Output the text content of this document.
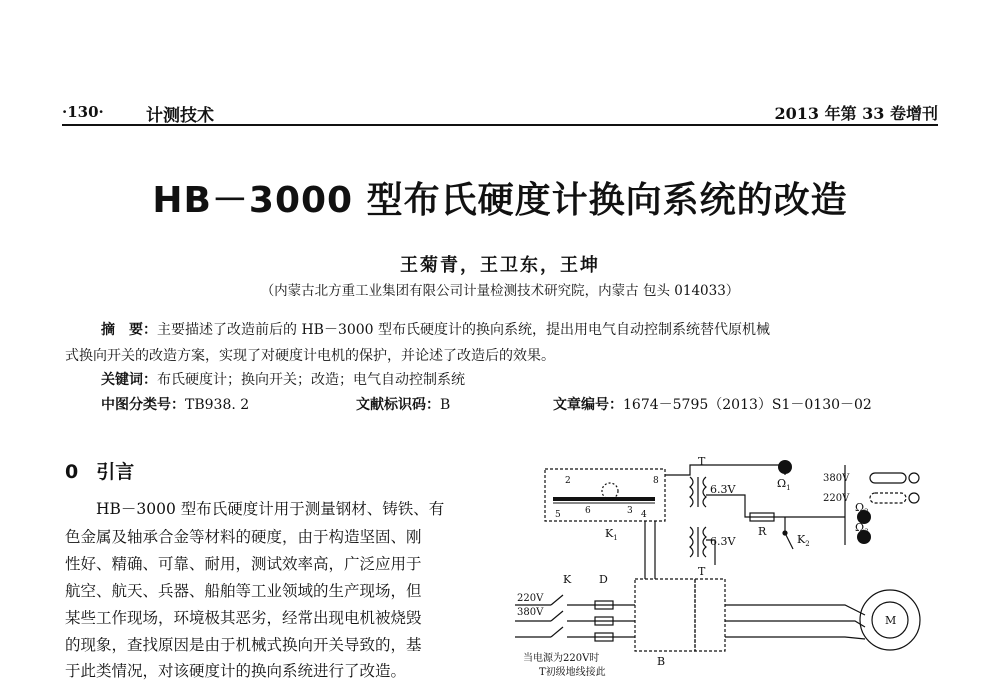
·130· 计测技术	2013 年第 33 卷增刊
HB－3000 型布氏硬度计换向系统的改造
王菊青，王卫东，王坤
（内蒙古北方重工业集团有限公司计量检测技术研究院，内蒙古 包头 014033）
摘　要：主要描述了改造前后的 HB－3000 型布氏硬度计的换向系统，提出用电气自动控制系统替代原机械
式换向开关的改造方案，实现了对硬度计电机的保护，并论述了改造后的效果。
关键词：布氏硬度计；换向开关；改造；电气自动控制系统
中图分类号：TB938. 2	文献标识码：B	文章编号：1674－5795（2013）S1－0130－02
0 引言
HB－3000 型布氏硬度计用于测量钢材、铸铁、有
色金属及轴承合金等材料的硬度，由于构造坚固、刚
性好、精确、可靠、耐用，测试效率高，广泛应用于
航空、航天、兵器、船舶等工业领域的生产现场，但
某些工作现场，环境极其恶劣，经常出现电机被烧毁
的现象，查找原因是由于机械式换向开关导致的，基
于此类情况，对该硬度计的换向系统进行了改造。
T
T
6.3V
6.3V
$\Omega_1$
$\Omega_2$
$\Omega_3$
380V
220V
R
$K_1$	$K_2$
K	D
M
220V
380V
B
2	8
5	6	3 4
当电源为220V时
T初级地线接此
